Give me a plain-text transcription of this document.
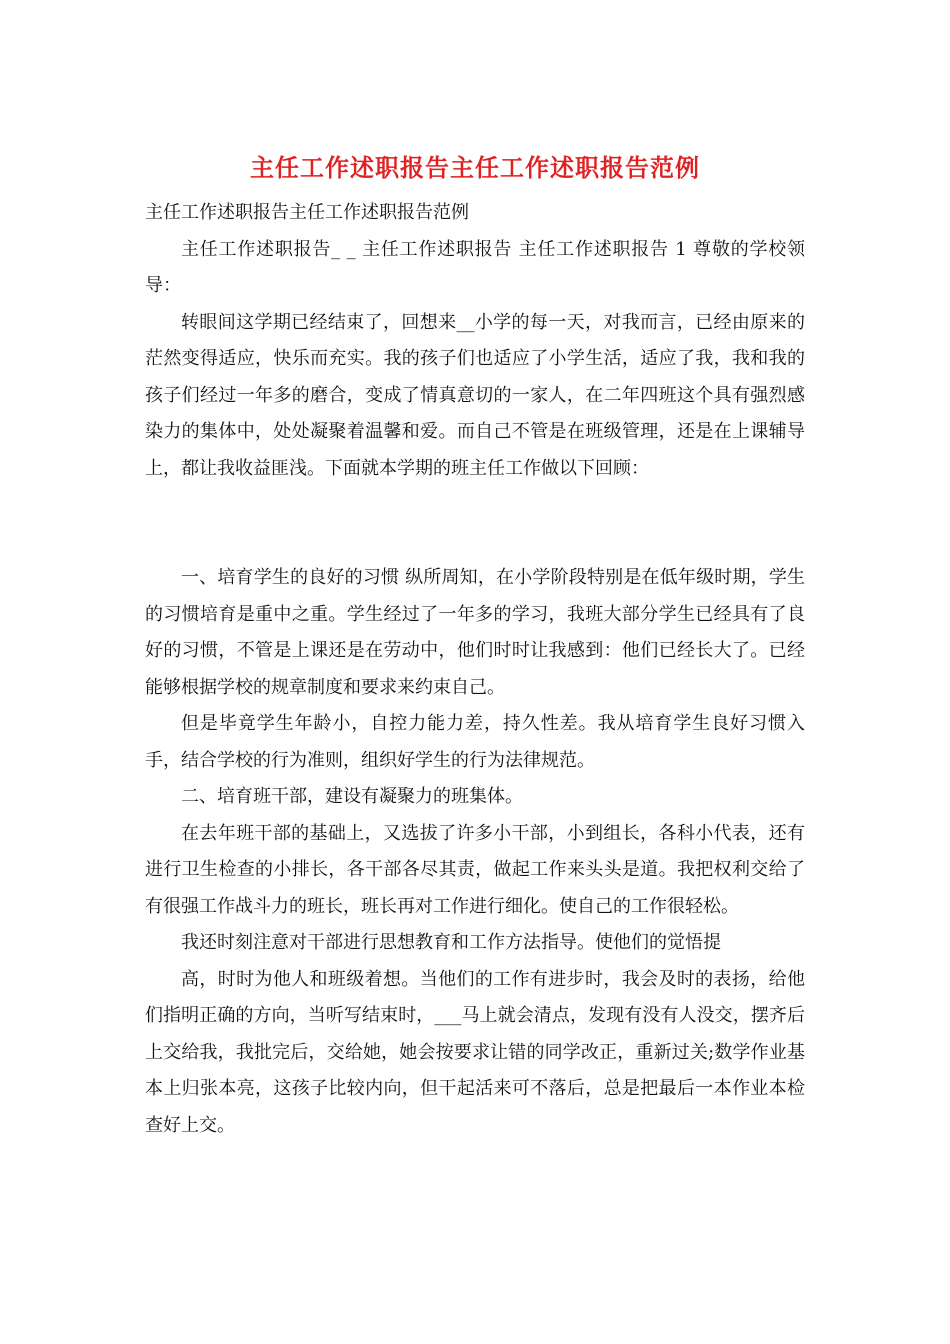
主任工作述职报告主任工作述职报告范例

主任工作述职报告主任工作述职报告范例

主任工作述职报告_ _ 主任工作述职报告 主任工作述职报告 1 尊敬的学校领导：

转眼间这学期已经结束了，回想来__小学的每一天，对我而言，已经由原来的茫然变得适应，快乐而充实。我的孩子们也适应了小学生活，适应了我，我和我的孩子们经过一年多的磨合，变成了情真意切的一家人，在二年四班这个具有强烈感染力的集体中，处处凝聚着温馨和爱。而自己不管是在班级管理，还是在上课辅导上，都让我收益匪浅。下面就本学期的班主任工作做以下回顾：

一、培育学生的良好的习惯 纵所周知，在小学阶段特别是在低年级时期，学生的习惯培育是重中之重。学生经过了一年多的学习，我班大部分学生已经具有了良好的习惯，不管是上课还是在劳动中，他们时时让我感到：他们已经长大了。已经能够根据学校的规章制度和要求来约束自己。

但是毕竟学生年龄小，自控力能力差，持久性差。我从培育学生良好习惯入手，结合学校的行为准则，组织好学生的行为法律规范。

二、培育班干部，建设有凝聚力的班集体。

在去年班干部的基础上，又选拔了许多小干部，小到组长，各科小代表，还有进行卫生检查的小排长，各干部各尽其责，做起工作来头头是道。我把权利交给了有很强工作战斗力的班长，班长再对工作进行细化。使自己的工作很轻松。

我还时刻注意对干部进行思想教育和工作方法指导。使他们的觉悟提

高，时时为他人和班级着想。当他们的工作有进步时，我会及时的表扬，给他们指明正确的方向，当听写结束时，___马上就会清点，发现有没有人没交，摆齐后上交给我，我批完后，交给她，她会按要求让错的同学改正，重新过关;数学作业基本上归张本亮，这孩子比较内向，但干起活来可不落后，总是把最后一本作业本检查好上交。
